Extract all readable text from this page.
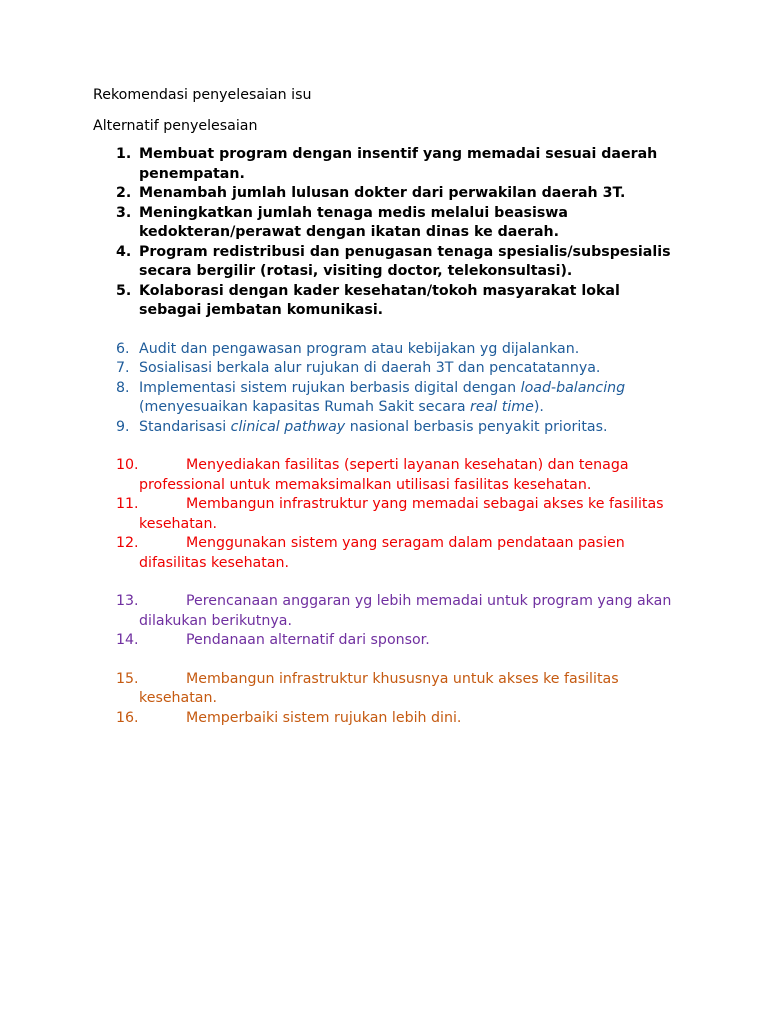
Rekomendasi penyelesaian isu

Alternatif penyelesaian

1. Membuat program dengan insentif yang memadai sesuai daerah penempatan.
2. Menambah jumlah lulusan dokter dari perwakilan daerah 3T.
3. Meningkatkan jumlah tenaga medis melalui beasiswa kedokteran/perawat dengan ikatan dinas ke daerah.
4. Program redistribusi dan penugasan tenaga spesialis/subspesialis secara bergilir (rotasi, visiting doctor, telekonsultasi).
5. Kolaborasi dengan kader kesehatan/tokoh masyarakat lokal sebagai jembatan komunikasi.
6. Audit dan pengawasan program atau kebijakan yg dijalankan.
7. Sosialisasi berkala alur rujukan di daerah 3T dan pencatatannya.
8. Implementasi sistem rujukan berbasis digital dengan load-balancing (menyesuaikan kapasitas Rumah Sakit secara real time).
9. Standarisasi clinical pathway nasional berbasis penyakit prioritas.
10.	Menyediakan fasilitas (seperti layanan kesehatan) dan tenaga professional untuk memaksimalkan utilisasi fasilitas kesehatan.
11.	Membangun infrastruktur yang memadai sebagai akses ke fasilitas kesehatan.
12.	Menggunakan sistem yang seragam dalam pendataan pasien difasilitas kesehatan.
13.	Perencanaan anggaran yg lebih memadai untuk program yang akan dilakukan berikutnya.
14.	Pendanaan alternatif dari sponsor.
15.	Membangun infrastruktur khususnya untuk akses ke fasilitas kesehatan.
16.	Memperbaiki sistem rujukan lebih dini.
